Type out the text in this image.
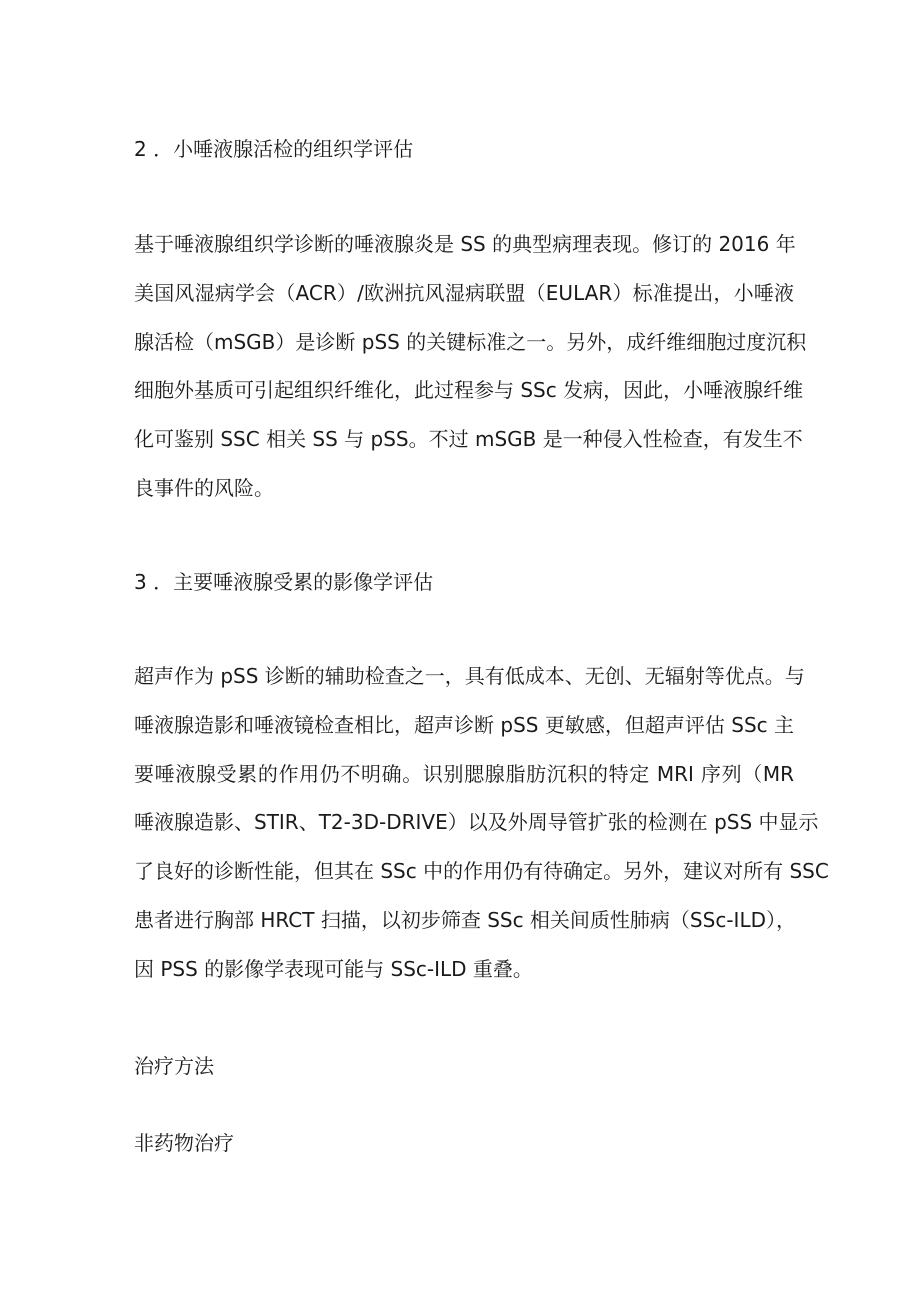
2 ．小唾液腺活检的组织学评估
基于唾液腺组织学诊断的唾液腺炎是 SS 的典型病理表现。修订的 2016 年
美国风湿病学会（ACR）/欧洲抗风湿病联盟（EULAR）标准提出，小唾液
腺活检（mSGB）是诊断 pSS 的关键标准之一。另外，成纤维细胞过度沉积
细胞外基质可引起组织纤维化，此过程参与 SSc 发病，因此，小唾液腺纤维
化可鉴别 SSC 相关 SS 与 pSS。不过 mSGB 是一种侵入性检查，有发生不
良事件的风险。
3 ．主要唾液腺受累的影像学评估
超声作为 pSS 诊断的辅助检查之一，具有低成本、无创、无辐射等优点。与
唾液腺造影和唾液镜检查相比，超声诊断 pSS 更敏感，但超声评估 SSc 主
要唾液腺受累的作用仍不明确。识别腮腺脂肪沉积的特定 MRI 序列（MR
唾液腺造影、STIR、T2-3D-DRIVE）以及外周导管扩张的检测在 pSS 中显示
了良好的诊断性能，但其在 SSc 中的作用仍有待确定。另外，建议对所有 SSC
患者进行胸部 HRCT 扫描，以初步筛查 SSc 相关间质性肺病（SSc-ILD），
因 PSS 的影像学表现可能与 SSc-ILD 重叠。
治疗方法
非药物治疗
